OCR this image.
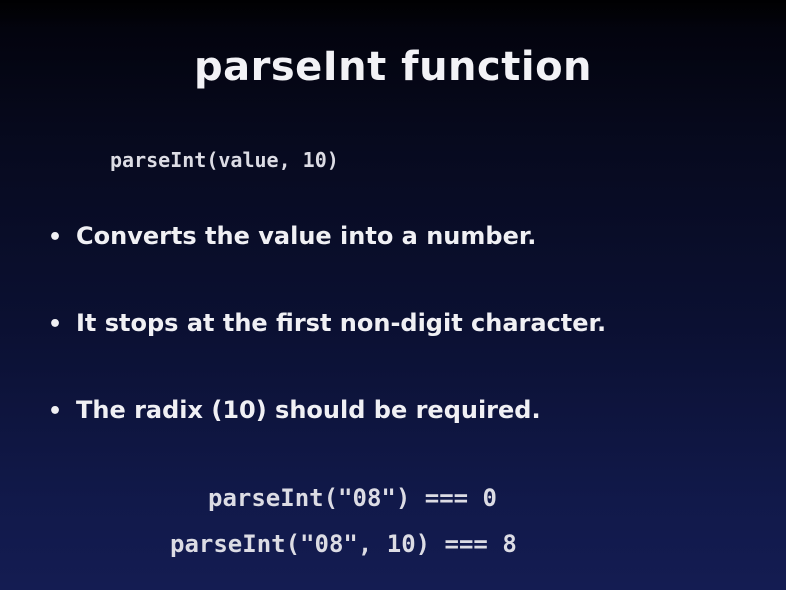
parseInt function
parseInt(value, 10)
• Converts the value into a number.
• It stops at the first non-digit character.
• The radix (10) should be required.
parseInt("08") === 0
parseInt("08", 10) === 8
